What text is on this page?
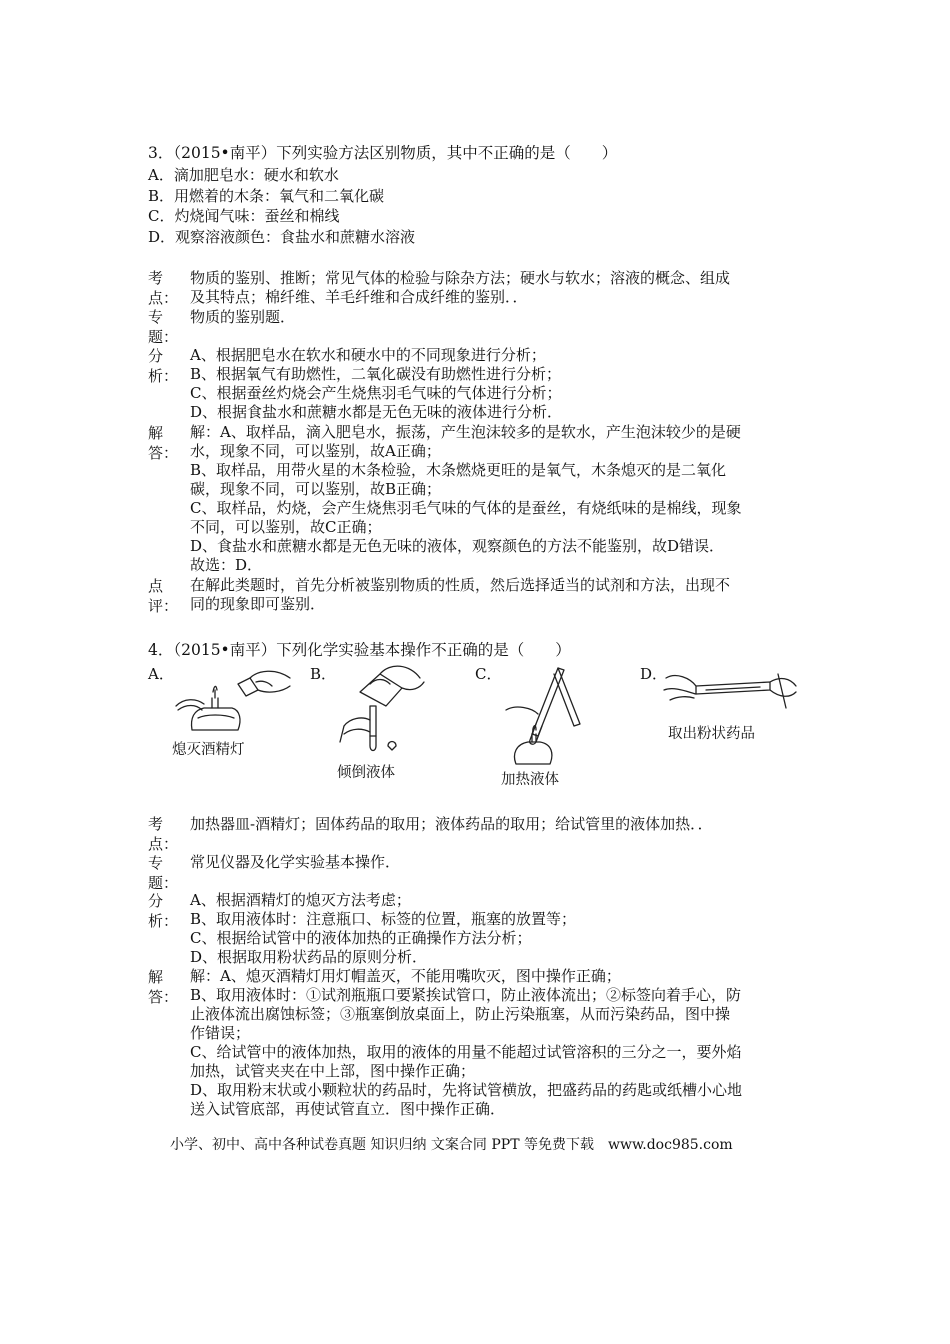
3．（2015•南平）下列实验方法区别物质，其中不正确的是（　　）
A．滴加肥皂水：硬水和软水
B．用燃着的木条：氧气和二氧化碳
C．灼烧闻气味：蚕丝和棉线
D．观察溶液颜色：食盐水和蔗糖水溶液
考点：
物质的鉴别、推断；常见气体的检验与除杂方法；硬水与软水；溶液的概念、组成
及其特点；棉纤维、羊毛纤维和合成纤维的鉴别．．
专题：
物质的鉴别题．
分析：
A、根据肥皂水在软水和硬水中的不同现象进行分析；
B、根据氧气有助燃性，二氧化碳没有助燃性进行分析；
C、根据蚕丝灼烧会产生烧焦羽毛气味的气体进行分析；
D、根据食盐水和蔗糖水都是无色无味的液体进行分析．
解答：
解：A、取样品，滴入肥皂水，振荡，产生泡沫较多的是软水，产生泡沫较少的是硬
水，现象不同，可以鉴别，故A正确；
B、取样品，用带火星的木条检验，木条燃烧更旺的是氧气，木条熄灭的是二氧化
碳，现象不同，可以鉴别，故B正确；
C、取样品，灼烧，会产生烧焦羽毛气味的气体的是蚕丝，有烧纸味的是棉线，现象
不同，可以鉴别，故C正确；
D、食盐水和蔗糖水都是无色无味的液体，观察颜色的方法不能鉴别，故D错误．
故选：D．
点评：
在解此类题时，首先分析被鉴别物质的性质，然后选择适当的试剂和方法，出现不
同的现象即可鉴别．
4．（2015•南平）下列化学实验基本操作不正确的是（　　）
A．	B．	C．	D．
熄灭酒精灯
倾倒液体	加热液体
取出粉状药品
考点：
加热器皿-酒精灯；固体药品的取用；液体药品的取用；给试管里的液体加热．．
专题：
常见仪器及化学实验基本操作．
分析：
A、根据酒精灯的熄灭方法考虑；
B、取用液体时：注意瓶口、标签的位置，瓶塞的放置等；
C、根据给试管中的液体加热的正确操作方法分析；
D、根据取用粉状药品的原则分析．
解答：
解：A、熄灭酒精灯用灯帽盖灭，不能用嘴吹灭，图中操作正确；
B、取用液体时：①试剂瓶瓶口要紧挨试管口，防止液体流出；②标签向着手心，防
止液体流出腐蚀标签；③瓶塞倒放桌面上，防止污染瓶塞，从而污染药品，图中操
作错误；
C、给试管中的液体加热，取用的液体的用量不能超过试管溶积的三分之一，要外焰
加热，试管夹夹在中上部，图中操作正确；
D、取用粉末状或小颗粒状的药品时，先将试管横放，把盛药品的药匙或纸槽小心地
送入试管底部，再使试管直立．图中操作正确．
小学、初中、高中各种试卷真题 知识归纳 文案合同 PPT 等免费下载　www.doc985.com
